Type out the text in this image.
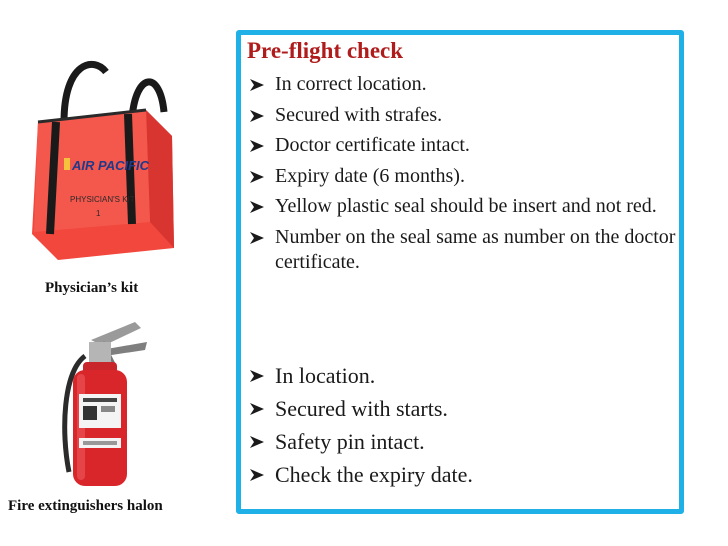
AIR PACIFIC
PHYSICIAN'S KIT
1
Physician’s kit
Fire extinguishers halon
Pre-flight check
In correct location.
Secured with strafes.
Doctor certificate intact.
Expiry date (6 months).
Yellow plastic seal should be insert and not red.
Number on the seal same as number on the doctor certificate.
In location.
Secured with starts.
Safety pin intact.
Check the expiry date.
